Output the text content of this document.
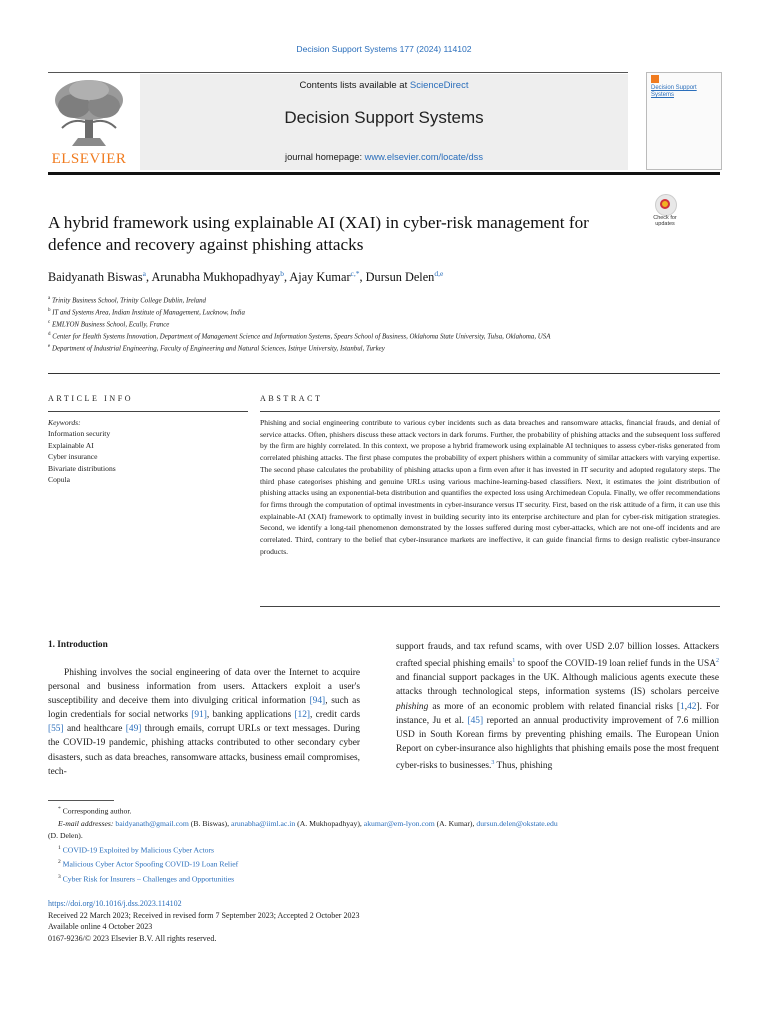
Decision Support Systems 177 (2024) 114102
ELSEVIER
Contents lists available at ScienceDirect
Decision Support Systems
journal homepage: www.elsevier.com/locate/dss
Decision Support Systems
A hybrid framework using explainable AI (XAI) in cyber-risk management for defence and recovery against phishing attacks
Check for updates
Baidyanath Biswas$^a$, Arunabha Mukhopadhyay$^b$, Ajay Kumar$^{c,*}$, Dursun Delen$^{d,e}$
$^a$ Trinity Business School, Trinity College Dublin, Ireland
$^b$ IT and Systems Area, Indian Institute of Management, Lucknow, India
$^c$ EMLYON Business School, Ecully, France
$^d$ Center for Health Systems Innovation, Department of Management Science and Information Systems, Spears School of Business, Oklahoma State University, Tulsa, Oklahoma, USA
$^e$ Department of Industrial Engineering, Faculty of Engineering and Natural Sciences, Istinye University, Istanbul, Turkey
ARTICLE INFO	ABSTRACT
Keywords:
Information security
Explainable AI
Cyber insurance
Bivariate distributions
Copula
Phishing and social engineering contribute to various cyber incidents such as data breaches and ransomware attacks, financial frauds, and denial of service attacks. Often, phishers discuss these attack vectors in dark forums. Further, the probability of phishing attacks and the subsequent loss suffered by the firm are highly correlated. In this context, we propose a hybrid framework using explainable AI techniques to assess cyber-risks generated from correlated phishing attacks. The first phase computes the probability of expert phishers within a community of similar attackers with varying expertise. The second phase calculates the probability of phishing attacks upon a firm even after it has invested in IT security and adopted regulatory steps. The third phase categorises phishing and genuine URLs using various machine-learning-based classifiers. Next, it estimates the joint distribution of phishing attacks using an exponential-beta distribution and quantifies the expected loss using Archimedean Copula. Finally, we offer recommendations for firms through the computation of optimal investments in cyber-insurance versus IT security. First, based on the risk attitude of a firm, it can use this explainable-AI (XAI) framework to optimally invest in building security into its enterprise architecture and plan for cyber-risk mitigation strategies. Second, we identify a long-tail phenomenon demonstrated by the losses suffered during most cyber-attacks, which are not one-off incidents and are correlated. Third, contrary to the belief that cyber-insurance markets are ineffective, it can guide financial firms to design realistic cyber-insurance products.
1. Introduction
Phishing involves the social engineering of data over the Internet to acquire personal and business information from users. Attackers exploit a user's susceptibility and deceive them into divulging critical information [94], such as login credentials for social networks [91], banking applications [12], credit cards [55] and healthcare [49] through emails, corrupt URLs or text messages. During the COVID-19 pandemic, phishing attacks contributed to other secondary cyber disasters, such as data breaches, ransomware attacks, business email compromises, tech-
support frauds, and tax refund scams, with over USD 2.07 billion losses. Attackers crafted special phishing emails$^1$ to spoof the COVID-19 loan relief funds in the USA$^2$ and financial support packages in the UK. Although malicious agents execute these attacks through technological steps, information systems (IS) scholars perceive phishing as more of an economic problem with related financial risks [1,42]. For instance, Ju et al. [45] reported an annual productivity improvement of 7.6 million USD in South Korean firms by preventing phishing emails. The European Union Report on cyber-insurance also highlights that phishing emails pose the most frequent cyber-risks to businesses.$^3$ Thus, phishing
* Corresponding author.
E-mail addresses: baidyanath@gmail.com (B. Biswas), arunabha@iiml.ac.in (A. Mukhopadhyay), akumar@em-lyon.com (A. Kumar), dursun.delen@okstate.edu
(D. Delen).
$^1$ COVID-19 Exploited by Malicious Cyber Actors
$^2$ Malicious Cyber Actor Spoofing COVID-19 Loan Relief
$^3$ Cyber Risk for Insurers – Challenges and Opportunities
https://doi.org/10.1016/j.dss.2023.114102
Received 22 March 2023; Received in revised form 7 September 2023; Accepted 2 October 2023
Available online 4 October 2023
0167-9236/© 2023 Elsevier B.V. All rights reserved.
